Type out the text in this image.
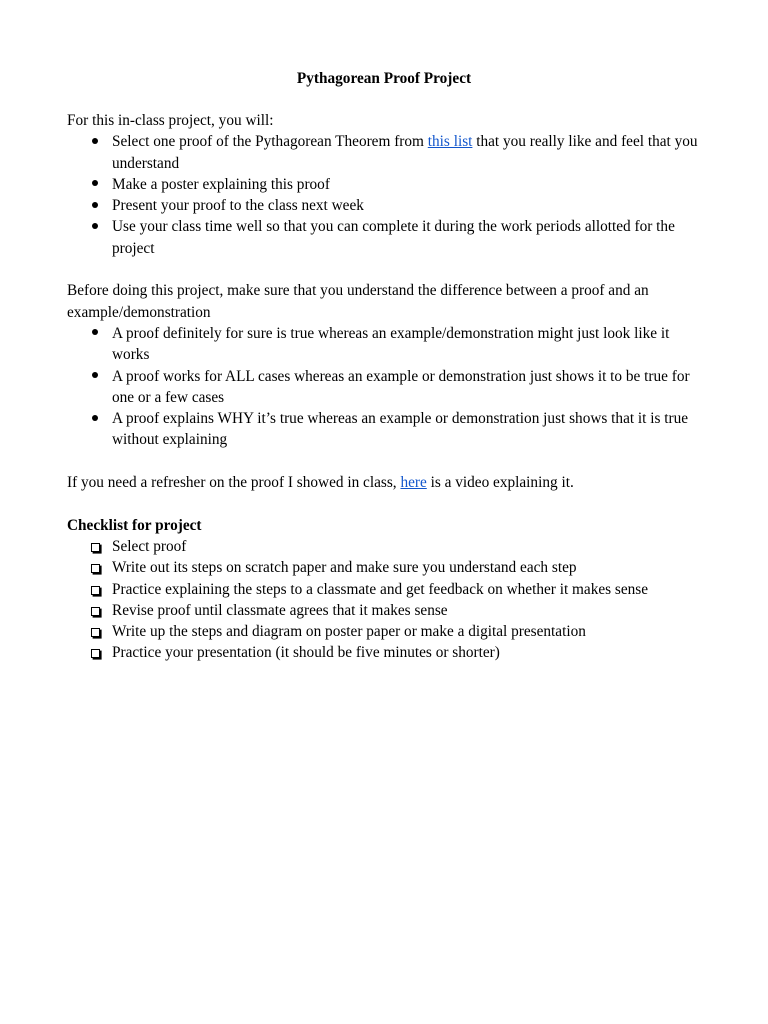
Pythagorean Proof Project

For this in-class project, you will:

Select one proof of the Pythagorean Theorem from this list that you really like and feel that you understand
Make a poster explaining this proof
Present your proof to the class next week
Use your class time well so that you can complete it during the work periods allotted for the project

Before doing this project, make sure that you understand the difference between a proof and an example/demonstration

A proof definitely for sure is true whereas an example/demonstration might just look like it works
A proof works for ALL cases whereas an example or demonstration just shows it to be true for one or a few cases
A proof explains WHY it’s true whereas an example or demonstration just shows that it is true without explaining

If you need a refresher on the proof I showed in class, here is a video explaining it.

Checklist for project

Select proof
Write out its steps on scratch paper and make sure you understand each step
Practice explaining the steps to a classmate and get feedback on whether it makes sense
Revise proof until classmate agrees that it makes sense
Write up the steps and diagram on poster paper or make a digital presentation
Practice your presentation (it should be five minutes or shorter)
